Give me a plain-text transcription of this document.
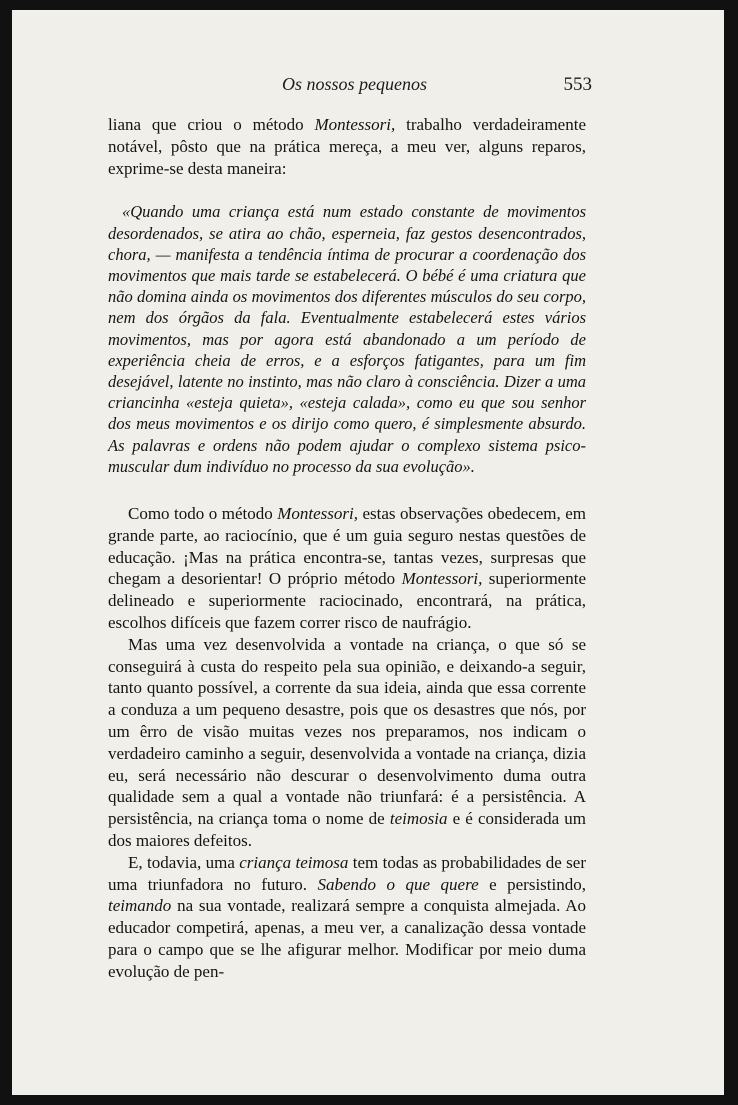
Os nossos pequenos	553

liana que criou o método Montessori, trabalho verdadeiramente notável, pôsto que na prática mereça, a meu ver, alguns reparos, exprime-se desta maneira:

«Quando uma criança está num estado constante de movimentos desordenados, se atira ao chão, esperneia, faz gestos desencontrados, chora, — manifesta a tendência íntima de procurar a coordenação dos movimentos que mais tarde se estabelecerá. O bébé é uma criatura que não domina ainda os movimentos dos diferentes músculos do seu corpo, nem dos órgãos da fala. Eventualmente estabelecerá estes vários movimentos, mas por agora está abandonado a um período de experiência cheia de erros, e a esforços fatigantes, para um fim desejável, latente no instinto, mas não claro à consciência. Dizer a uma criancinha «esteja quieta», «esteja calada», como eu que sou senhor dos meus movimentos e os dirijo como quero, é simplesmente absurdo. As palavras e ordens não podem ajudar o complexo sistema psico-muscular dum indivíduo no processo da sua evolução».

Como todo o método Montessori, estas observações obedecem, em grande parte, ao raciocínio, que é um guia seguro nestas questões de educação. ¡Mas na prática encontra-se, tantas vezes, surpresas que chegam a desorientar! O próprio método Montessori, superiormente delineado e superiormente raciocinado, encontrará, na prática, escolhos difíceis que fazem correr risco de naufrágio.

Mas uma vez desenvolvida a vontade na criança, o que só se conseguirá à custa do respeito pela sua opinião, e deixando-a seguir, tanto quanto possível, a corrente da sua ideia, ainda que essa corrente a conduza a um pequeno desastre, pois que os desastres que nós, por um êrro de visão muitas vezes nos preparamos, nos indicam o verdadeiro caminho a seguir, desenvolvida a vontade na criança, dizia eu, será necessário não descurar o desenvolvimento duma outra qualidade sem a qual a vontade não triunfará: é a persistência. A persistência, na criança toma o nome de teimosia e é considerada um dos maiores defeitos.

E, todavia, uma criança teimosa tem todas as probabilidades de ser uma triunfadora no futuro. Sabendo o que quere e persistindo, teimando na sua vontade, realizará sempre a conquista almejada. Ao educador competirá, apenas, a meu ver, a canalização dessa vontade para o campo que se lhe afigurar melhor. Modificar por meio duma evolução de pen-
